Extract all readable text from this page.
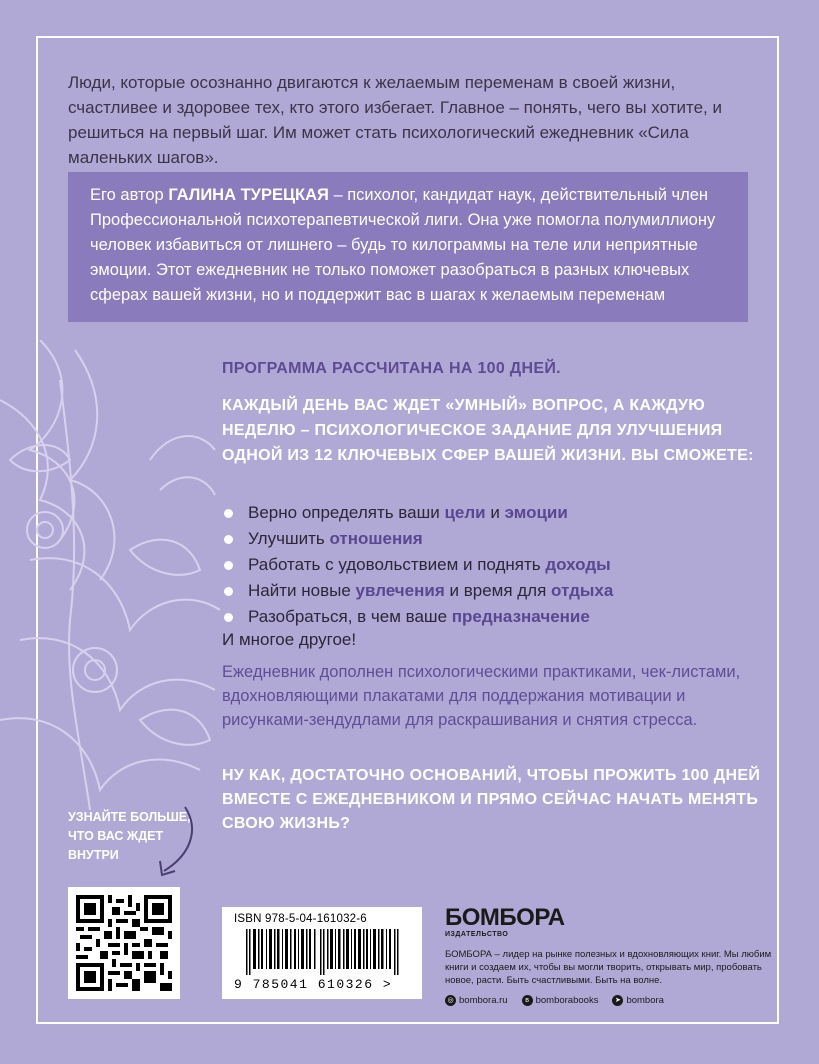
Люди, которые осознанно двигаются к желаемым переменам в своей жизни, счастливее и здоровее тех, кто этого избегает. Главное – понять, чего вы хотите, и решиться на первый шаг. Им может стать психологический ежедневник «Сила маленьких шагов».

Его автор ГАЛИНА ТУРЕЦКАЯ – психолог, кандидат наук, действительный член Профессиональной психотерапевтической лиги. Она уже помогла полумиллиону человек избавиться от лишнего – будь то килограммы на теле или неприятные эмоции. Этот ежедневник не только поможет разобраться в разных ключевых сферах вашей жизни, но и поддержит вас в шагах к желаемым переменам
ПРОГРАММА РАССЧИТАНА НА 100 ДНЕЙ.
КАЖДЫЙ ДЕНЬ ВАС ЖДЕТ «УМНЫЙ» ВОПРОС, А КАЖДУЮ НЕДЕЛЮ – ПСИХОЛОГИЧЕСКОЕ ЗАДАНИЕ ДЛЯ УЛУЧШЕНИЯ ОДНОЙ ИЗ 12 КЛЮЧЕВЫХ СФЕР ВАШЕЙ ЖИЗНИ. ВЫ СМОЖЕТЕ:
Верно определять ваши цели и эмоции
Улучшить отношения
Работать с удовольствием и поднять доходы
Найти новые увлечения и время для отдыха
Разобраться, в чем ваше предназначение
И многое другое!
Ежедневник дополнен психологическими практиками, чек-листами, вдохновляющими плакатами для поддержания мотивации и рисунками-зендудлами для раскрашивания и снятия стресса.
НУ КАК, ДОСТАТОЧНО ОСНОВАНИЙ, ЧТОБЫ ПРОЖИТЬ 100 ДНЕЙ ВМЕСТЕ С ЕЖЕДНЕВНИКОМ И ПРЯМО СЕЙЧАС НАЧАТЬ МЕНЯТЬ СВОЮ ЖИЗНЬ?
УЗНАЙТЕ БОЛЬШЕ, ЧТО ВАС ЖДЕТ ВНУТРИ
ISBN 978-5-04-161032-6
9 785041 610326 >
БОМБОРА
ИЗДАТЕЛЬСТВО
БОМБОРА – лидер на рынке полезных и вдохновляющих книг. Мы любим книги и создаем их, чтобы вы могли творить, открывать мир, пробовать новое, расти. Быть счастливыми. Быть на волне.
◎ bombora.ru	в bomborabooks	➤ bombora
